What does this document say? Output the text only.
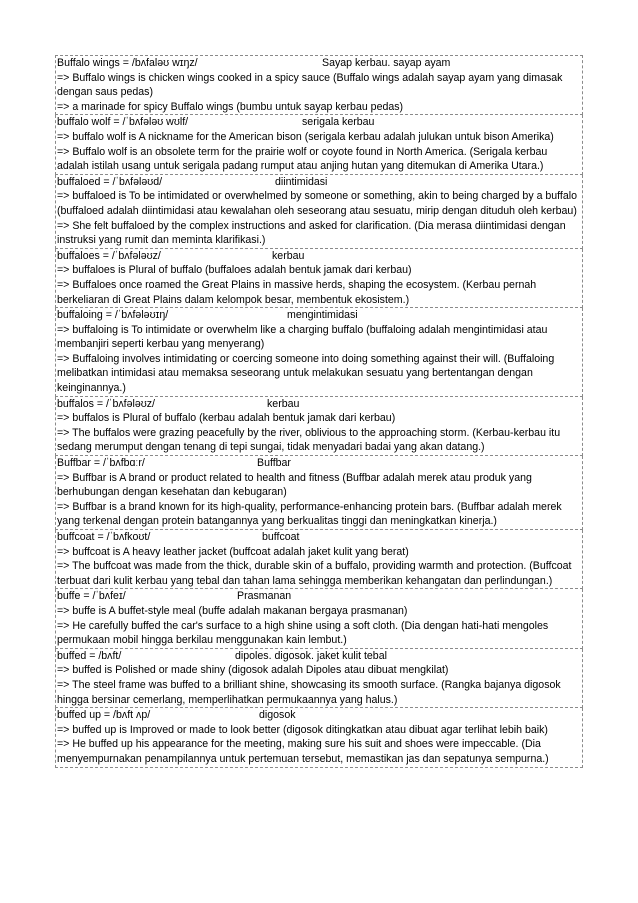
Buffalo wings = /bʌfaləʊ wɪŋz/	Sayap kerbau. sayap ayam
=> Buffalo wings is chicken wings cooked in a spicy sauce (Buffalo wings adalah sayap ayam yang dimasak dengan saus pedas)
=> a marinade for spicy Buffalo wings (bumbu untuk sayap kerbau pedas)
buffalo wolf = /ˈbʌfələʊ wʊlf/	serigala kerbau
=> buffalo wolf is A nickname for the American bison (serigala kerbau adalah julukan untuk bison Amerika)
=> Buffalo wolf is an obsolete term for the prairie wolf or coyote found in North America. (Serigala kerbau adalah istilah usang untuk serigala padang rumput atau anjing hutan yang ditemukan di Amerika Utara.)
buffaloed = /ˈbʌfələʊd/	diintimidasi
=> buffaloed is To be intimidated or overwhelmed by someone or something, akin to being charged by a buffalo (buffaloed adalah diintimidasi atau kewalahan oleh seseorang atau sesuatu, mirip dengan dituduh oleh kerbau)
=> She felt buffaloed by the complex instructions and asked for clarification. (Dia merasa diintimidasi dengan instruksi yang rumit dan meminta klarifikasi.)
buffaloes = /ˈbʌfələʊz/	kerbau
=> buffaloes is Plural of buffalo (buffaloes adalah bentuk jamak dari kerbau)
=> Buffaloes once roamed the Great Plains in massive herds, shaping the ecosystem. (Kerbau pernah berkeliaran di Great Plains dalam kelompok besar, membentuk ekosistem.)
buffaloing = /ˈbʌfələʊɪŋ/	mengintimidasi
=> buffaloing is To intimidate or overwhelm like a charging buffalo (buffaloing adalah mengintimidasi atau membanjiri seperti kerbau yang menyerang)
=> Buffaloing involves intimidating or coercing someone into doing something against their will. (Buffaloing melibatkan intimidasi atau memaksa seseorang untuk melakukan sesuatu yang bertentangan dengan keinginannya.)
buffalos = /ˈbʌfələʊz/	kerbau
=> buffalos is Plural of buffalo (kerbau adalah bentuk jamak dari kerbau)
=> The buffalos were grazing peacefully by the river, oblivious to the approaching storm. (Kerbau-kerbau itu sedang merumput dengan tenang di tepi sungai, tidak menyadari badai yang akan datang.)
Buffbar = /ˈbʌfbɑːr/	Buffbar
=> Buffbar is A brand or product related to health and fitness (Buffbar adalah merek atau produk yang berhubungan dengan kesehatan dan kebugaran)
=> Buffbar is a brand known for its high-quality, performance-enhancing protein bars. (Buffbar adalah merek yang terkenal dengan protein batangannya yang berkualitas tinggi dan meningkatkan kinerja.)
buffcoat = /ˈbʌfkoʊt/	buffcoat
=> buffcoat is A heavy leather jacket (buffcoat adalah jaket kulit yang berat)
=> The buffcoat was made from the thick, durable skin of a buffalo, providing warmth and protection. (Buffcoat terbuat dari kulit kerbau yang tebal dan tahan lama sehingga memberikan kehangatan dan perlindungan.)
buffe = /ˈbʌfeɪ/	Prasmanan
=> buffe is A buffet-style meal (buffe adalah makanan bergaya prasmanan)
=> He carefully buffed the car's surface to a high shine using a soft cloth. (Dia dengan hati-hati mengoles permukaan mobil hingga berkilau menggunakan kain lembut.)
buffed = /bʌft/	dipoles. digosok. jaket kulit tebal
=> buffed is Polished or made shiny (digosok adalah Dipoles atau dibuat mengkilat)
=> The steel frame was buffed to a brilliant shine, showcasing its smooth surface. (Rangka bajanya digosok hingga bersinar cemerlang, memperlihatkan permukaannya yang halus.)
buffed up = /bʌft ʌp/	digosok
=> buffed up is Improved or made to look better (digosok ditingkatkan atau dibuat agar terlihat lebih baik)
=> He buffed up his appearance for the meeting, making sure his suit and shoes were impeccable. (Dia menyempurnakan penampilannya untuk pertemuan tersebut, memastikan jas dan sepatunya sempurna.)
